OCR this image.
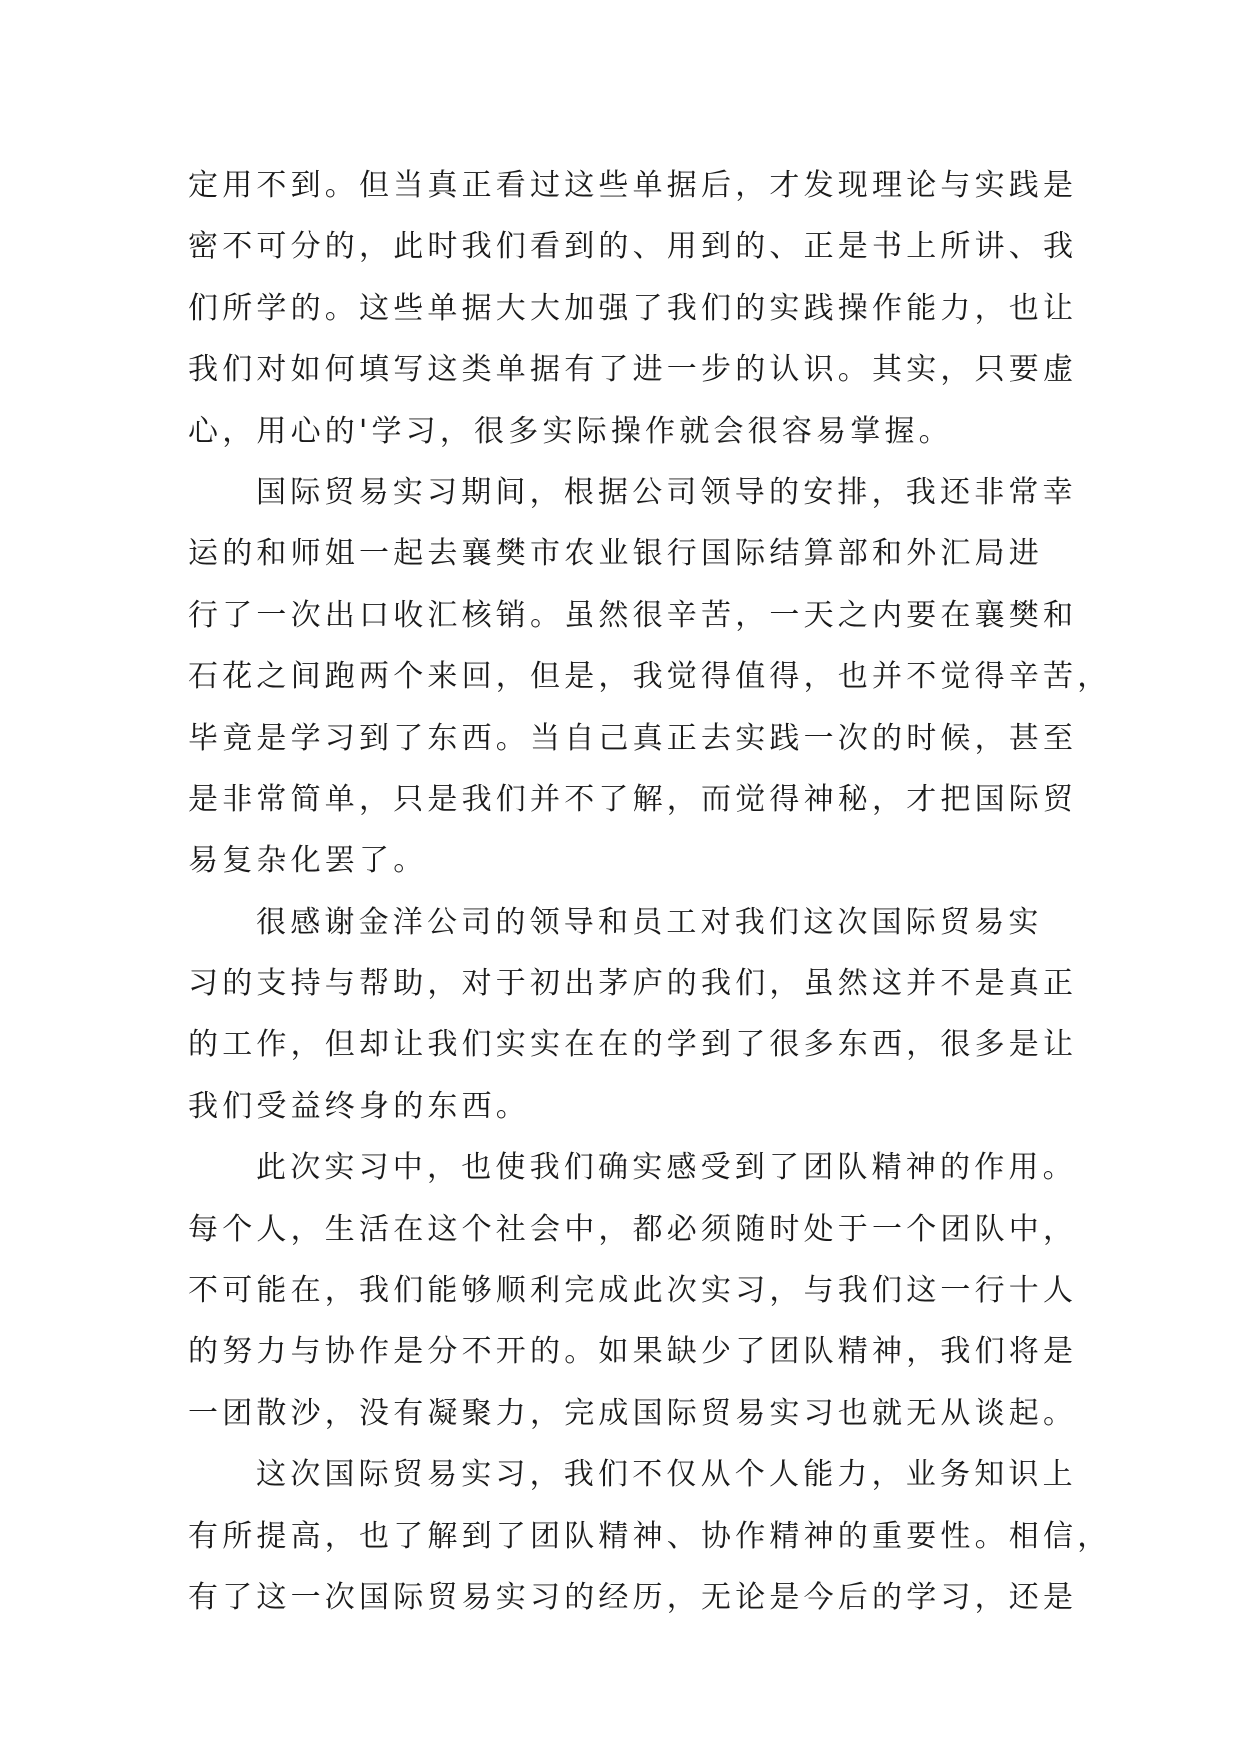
定用不到。但当真正看过这些单据后，才发现理论与实践是
密不可分的，此时我们看到的、用到的、正是书上所讲、我
们所学的。这些单据大大加强了我们的实践操作能力，也让
我们对如何填写这类单据有了进一步的认识。其实，只要虚
心，用心的'学习，很多实际操作就会很容易掌握。
国际贸易实习期间，根据公司领导的安排，我还非常幸
运的和师姐一起去襄樊市农业银行国际结算部和外汇局进
行了一次出口收汇核销。虽然很辛苦，一天之内要在襄樊和
石花之间跑两个来回，但是，我觉得值得，也并不觉得辛苦，
毕竟是学习到了东西。当自己真正去实践一次的时候，甚至
是非常简单，只是我们并不了解，而觉得神秘，才把国际贸
易复杂化罢了。
很感谢金洋公司的领导和员工对我们这次国际贸易实
习的支持与帮助，对于初出茅庐的我们，虽然这并不是真正
的工作，但却让我们实实在在的学到了很多东西，很多是让
我们受益终身的东西。
此次实习中，也使我们确实感受到了团队精神的作用。
每个人，生活在这个社会中，都必须随时处于一个团队中，
不可能在，我们能够顺利完成此次实习，与我们这一行十人
的努力与协作是分不开的。如果缺少了团队精神，我们将是
一团散沙，没有凝聚力，完成国际贸易实习也就无从谈起。
这次国际贸易实习，我们不仅从个人能力，业务知识上
有所提高，也了解到了团队精神、协作精神的重要性。相信，
有了这一次国际贸易实习的经历，无论是今后的学习，还是
